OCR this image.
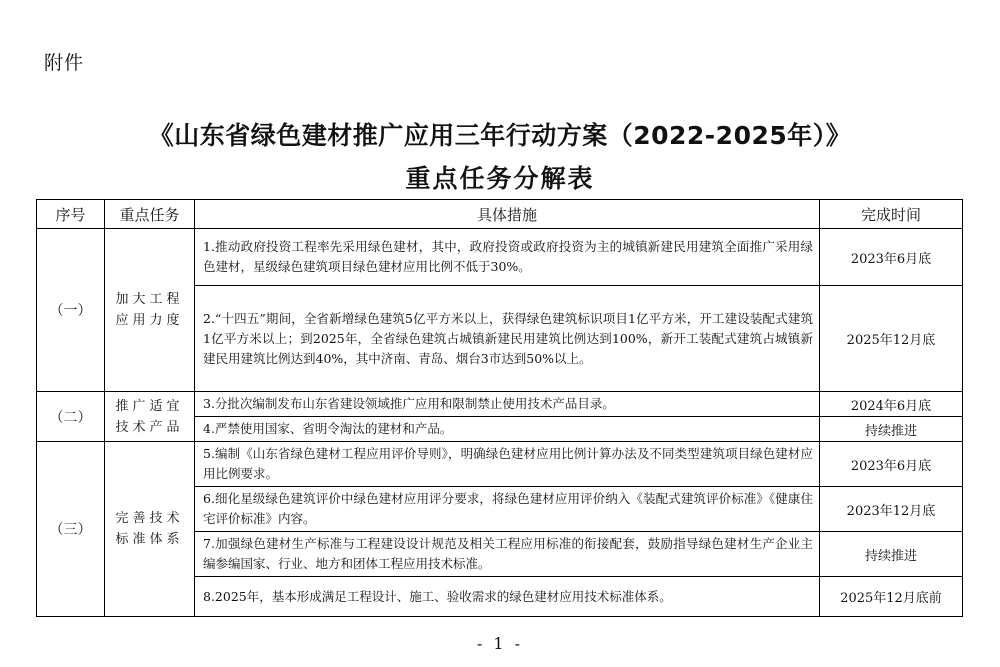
附件
《山东省绿色建材推广应用三年行动方案（2022-2025年）》
重点任务分解表
序号	重点任务	具体措施	完成时间
（一）	加大工程应用力度	1.推动政府投资工程率先采用绿色建材，其中，政府投资或政府投资为主的城镇新建民用建筑全面推广采用绿色建材，星级绿色建筑项目绿色建材应用比例不低于30%。	2023年6月底
		2.“十四五”期间，全省新增绿色建筑5亿平方米以上，获得绿色建筑标识项目1亿平方米，开工建设装配式建筑1亿平方米以上；到2025年，全省绿色建筑占城镇新建民用建筑比例达到100%，新开工装配式建筑占城镇新建民用建筑比例达到40%，其中济南、青岛、烟台3市达到50%以上。	2025年12月底
（二）	推广适宜技术产品	3.分批次编制发布山东省建设领域推广应用和限制禁止使用技术产品目录。	2024年6月底
		4.严禁使用国家、省明令淘汰的建材和产品。	持续推进
（三）	完善技术标准体系	5.编制《山东省绿色建材工程应用评价导则》，明确绿色建材应用比例计算办法及不同类型建筑项目绿色建材应用比例要求。	2023年6月底
		6.细化星级绿色建筑评价中绿色建材应用评分要求，将绿色建材应用评价纳入《装配式建筑评价标准》《健康住宅评价标准》内容。	2023年12月底
		7.加强绿色建材生产标准与工程建设设计规范及相关工程应用标准的衔接配套，鼓励指导绿色建材生产企业主编参编国家、行业、地方和团体工程应用技术标准。	持续推进
		8.2025年，基本形成满足工程设计、施工、验收需求的绿色建材应用技术标准体系。	2025年12月底前
- 1 -
